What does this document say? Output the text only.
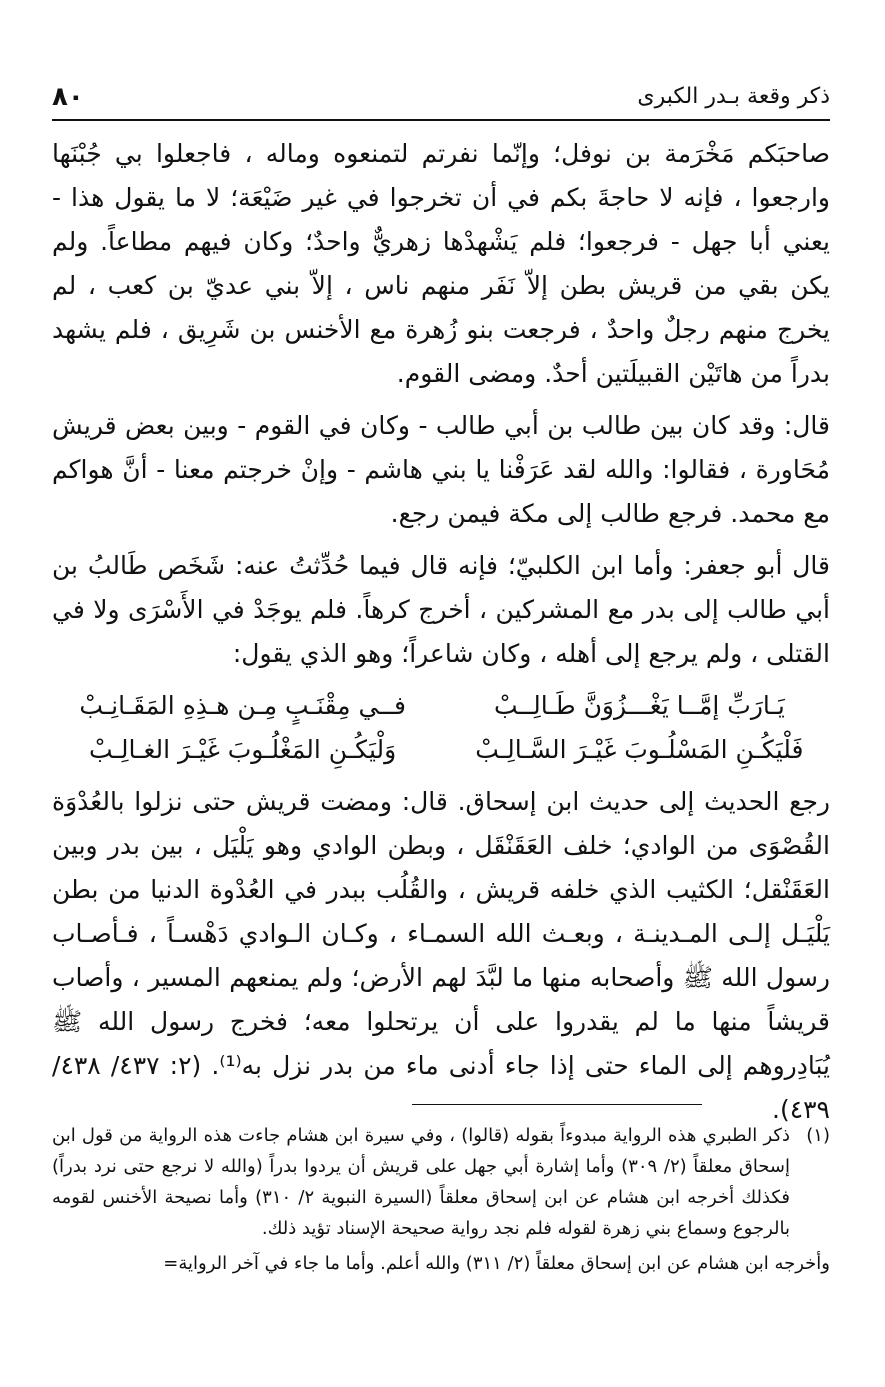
ذكر وقعة بـدر الكبرى
٨٠

صاحبَكم مَخْرَمة بن نوفل؛ وإنّما نفرتم لتمنعوه وماله ، فاجعلوا بي جُبْنَها وارجعوا ، فإنه لا حاجةَ بكم في أن تخرجوا في غير ضَيْعَة؛ لا ما يقول هذا - يعني أبا جهل - فرجعوا؛ فلم يَشْهدْها زهريٌّ واحدٌ؛ وكان فيهم مطاعاً. ولم يكن بقي من قريش بطن إلاّ نَفَر منهم ناس ، إلاّ بني عديّ بن كعب ، لم يخرج منهم رجلٌ واحدٌ ، فرجعت بنو زُهرة مع الأخنس بن شَرِيق ، فلم يشهد بدراً من هاتَيْن القبيلَتين أحدٌ. ومضى القوم.

قال: وقد كان بين طالب بن أبي طالب - وكان في القوم - وبين بعض قريش مُحَاورة ، فقالوا: والله لقد عَرَفْنا يا بني هاشم - وإنْ خرجتم معنا - أنَّ هواكم مع محمد. فرجع طالب إلى مكة فيمن رجع.

قال أبو جعفر: وأما ابن الكلبيّ؛ فإنه قال فيما حُدِّثتُ عنه: شَخَص طَالبُ بن أبي طالب إلى بدر مع المشركين ، أخرج كرهاً. فلم يوجَدْ في الأَسْرَى ولا في القتلى ، ولم يرجع إلى أهله ، وكان شاعراً؛ وهو الذي يقول:

يَـارَبِّ إمَّــا يَغْـــزُوَنَّ طَـالِــبْ
فــي مِقْنَـبٍ مِـن هـذِهِ المَقَـانِـبْ
فَلْيَكُـنِ المَسْلُـوبَ غَيْـرَ السَّـالِـبْ
وَلْيَكُـنِ المَغْلُـوبَ غَيْـرَ الغـالِـبْ

رجع الحديث إلى حديث ابن إسحاق. قال: ومضت قريش حتى نزلوا بالعُدْوَة القُصْوَى من الوادي؛ خلف العَقَنْقَل ، وبطن الوادي وهو يَلْيَل ، بين بدر وبين العَقَنْقل؛ الكثيب الذي خلفه قريش ، والقُلُب ببدر في العُدْوة الدنيا من بطن يَلْيَـل إلـى المـدينـة ، وبعـث الله السمـاء ، وكـان الـوادي دَهْسـاً ، فـأصـاب رسول الله ﷺ وأصحابه منها ما لبَّدَ لهم الأرض؛ ولم يمنعهم المسير ، وأصاب قريشاً منها ما لم يقدروا على أن يرتحلوا معه؛ فخرج رسول الله ﷺ يُبَادِروهم إلى الماء حتى إذا جاء أدنى ماء من بدر نزل به⁽¹⁾. (٢: ٤٣٧/ ٤٣٨/ ٤٣٩).

(١)
ذكر الطبري هذه الرواية مبدوءاً بقوله (قالوا) ، وفي سيرة ابن هشام جاءت هذه الرواية من قول ابن إسحاق معلقاً (٢/ ٣٠٩) وأما إشارة أبي جهل على قريش أن يردوا بدراً (والله لا نرجع حتى نرد بدراً) فكذلك أخرجه ابن هشام عن ابن إسحاق معلقاً (السيرة النبوية ٢/ ٣١٠) وأما نصيحة الأخنس لقومه بالرجوع وسماع بني زهرة لقوله فلم نجد رواية صحيحة الإسناد تؤيد ذلك.
وأخرجه ابن هشام عن ابن إسحاق معلقاً (٢/ ٣١١) والله أعلم. وأما ما جاء في آخر الرواية=
